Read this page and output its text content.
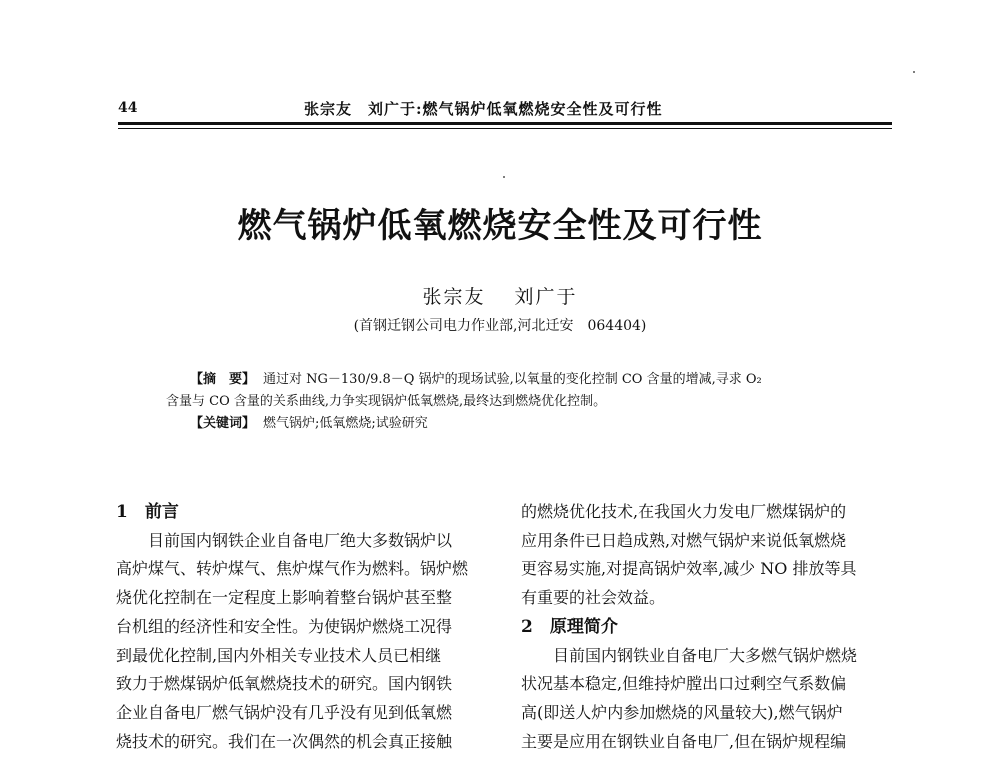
44	张宗友　刘广于:燃气锅炉低氧燃烧安全性及可行性
燃气锅炉低氧燃烧安全性及可行性
张宗友　 刘广于
(首钢迁钢公司电力作业部,河北迁安　064404)
【摘　要】 通过对 NG－130/9.8－Q 锅炉的现场试验,以氧量的变化控制 CO 含量的增减,寻求 O₂
含量与 CO 含量的关系曲线,力争实现锅炉低氧燃烧,最终达到燃烧优化控制。
【关键词】 燃气锅炉;低氧燃烧;试验研究
1　前言
目前国内钢铁企业自备电厂绝大多数锅炉以
高炉煤气、转炉煤气、焦炉煤气作为燃料。锅炉燃
烧优化控制在一定程度上影响着整台锅炉甚至整
台机组的经济性和安全性。为使锅炉燃烧工况得
到最优化控制,国内外相关专业技术人员已相继
致力于燃煤锅炉低氧燃烧技术的研究。国内钢铁
企业自备电厂燃气锅炉没有几乎没有见到低氧燃
烧技术的研究。我们在一次偶然的机会真正接触
的燃烧优化技术,在我国火力发电厂燃煤锅炉的
应用条件已日趋成熟,对燃气锅炉来说低氧燃烧
更容易实施,对提高锅炉效率,减少 NO 排放等具
有重要的社会效益。
2　原理简介
目前国内钢铁业自备电厂大多燃气锅炉燃烧
状况基本稳定,但维持炉膛出口过剩空气系数偏
高(即送人炉内参加燃烧的风量较大),燃气锅炉
主要是应用在钢铁业自备电厂,但在锅炉规程编
